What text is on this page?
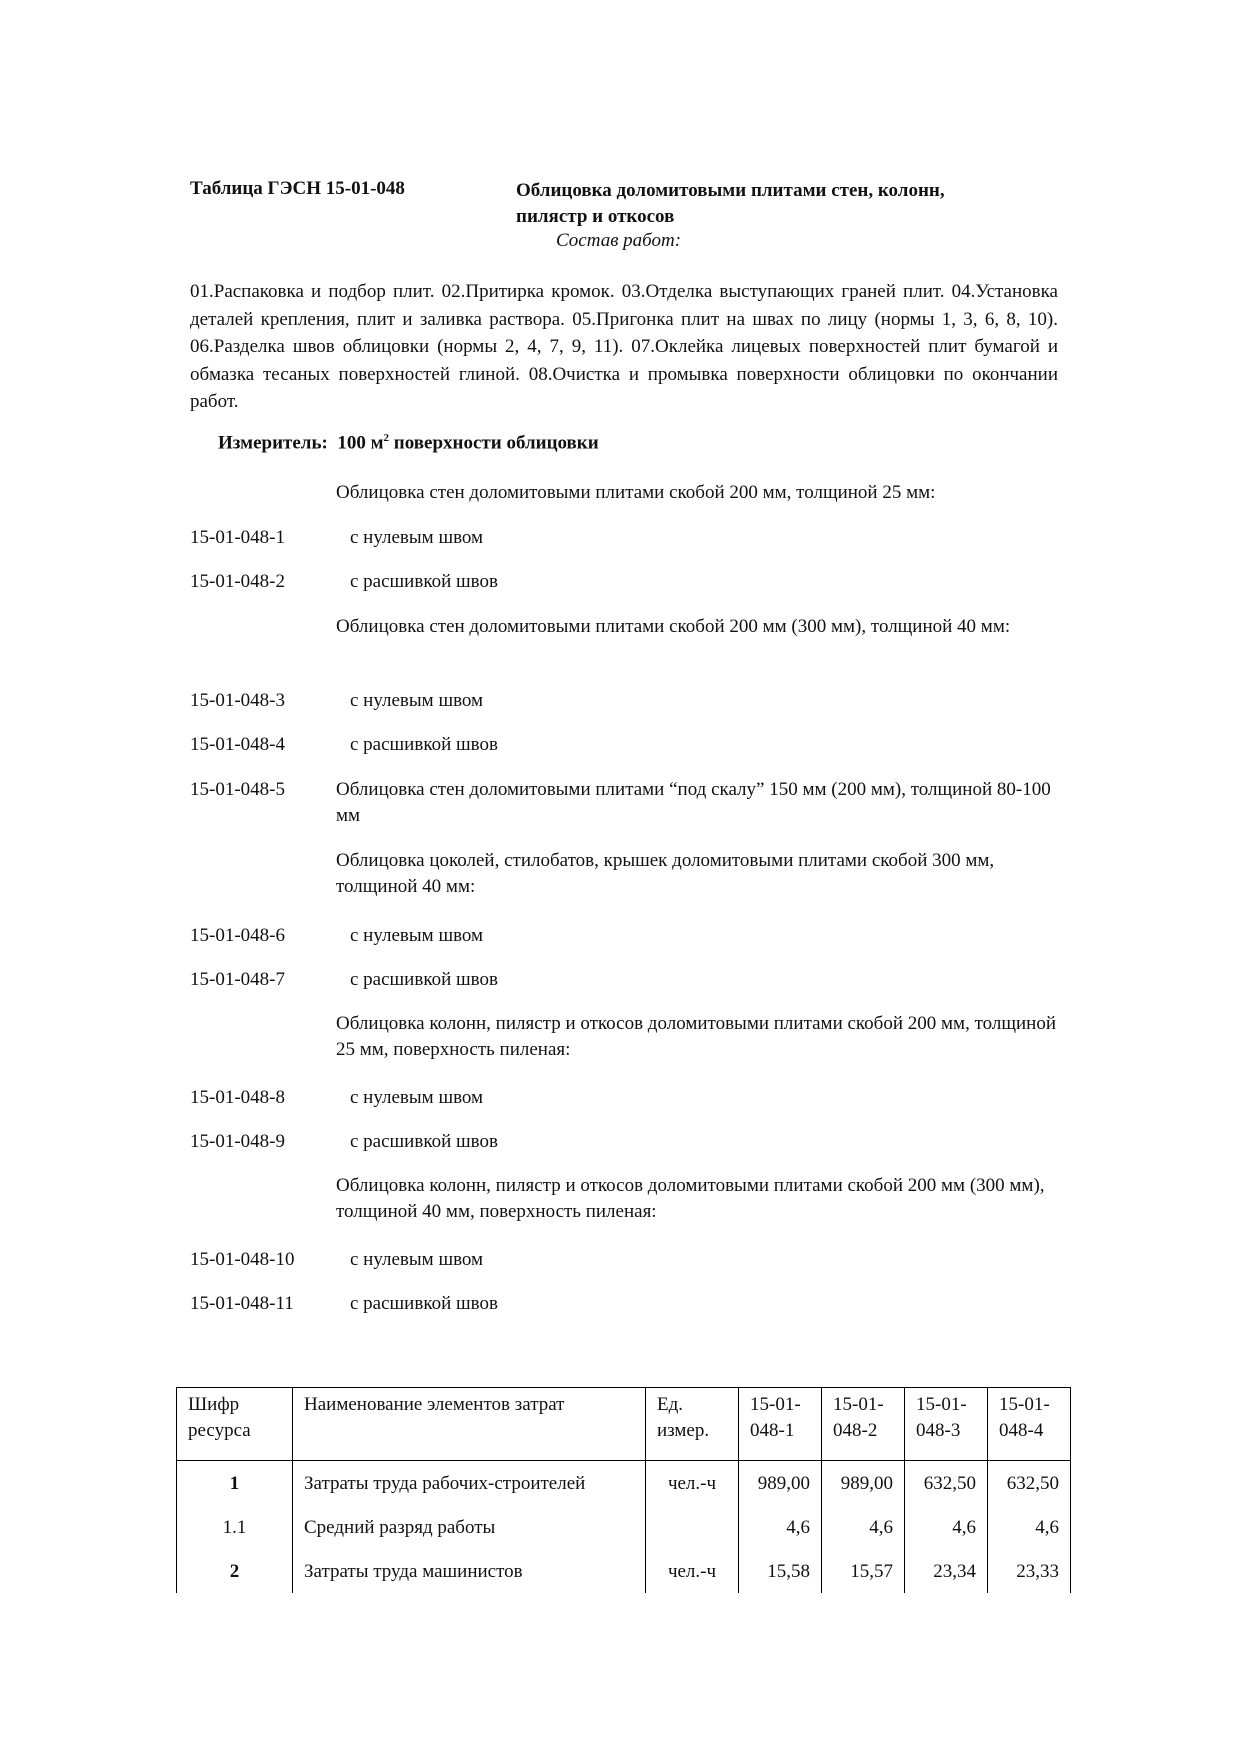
Таблица ГЭСН 15-01-048	Облицовка доломитовыми плитами стен, колонн, пилястр и откосов
Состав работ:
01.Распаковка и подбор плит. 02.Притирка кромок. 03.Отделка выступающих граней плит. 04.Установка деталей крепления, плит и заливка раствора. 05.Пригонка плит на швах по лицу (нормы 1, 3, 6, 8, 10). 06.Разделка швов облицовки (нормы 2, 4, 7, 9, 11). 07.Оклейка лицевых поверхностей плит бумагой и обмазка тесаных поверхностей глиной. 08.Очистка и промывка поверхности облицовки по окончании работ.
Измеритель: 100 $м^2$ поверхности облицовки
Облицовка стен доломитовыми плитами скобой 200 мм, толщиной 25 мм:
15-01-048-1	с нулевым швом
15-01-048-2	с расшивкой швов
Облицовка стен доломитовыми плитами скобой 200 мм (300 мм), толщиной 40 мм:
15-01-048-3	с нулевым швом
15-01-048-4	с расшивкой швов
15-01-048-5	Облицовка стен доломитовыми плитами “под скалу” 150 мм (200 мм), толщиной 80-100 мм
Облицовка цоколей, стилобатов, крышек доломитовыми плитами скобой 300 мм, толщиной 40 мм:
15-01-048-6	с нулевым швом
15-01-048-7	с расшивкой швов
Облицовка колонн, пилястр и откосов доломитовыми плитами скобой 200 мм, толщиной 25 мм, поверхность пиленая:
15-01-048-8	с нулевым швом
15-01-048-9	с расшивкой швов
Облицовка колонн, пилястр и откосов доломитовыми плитами скобой 200 мм (300 мм), толщиной 40 мм, поверхность пиленая:
15-01-048-10	с нулевым швом
15-01-048-11	с расшивкой швов
Шифр ресурса	Наименование элементов затрат	Ед. измер.	15-01-048-1	15-01-048-2	15-01-048-3	15-01-048-4
1	Затраты труда рабочих-строителей	чел.-ч	989,00	989,00	632,50	632,50
1.1	Средний разряд работы		4,6	4,6	4,6	4,6
2	Затраты труда машинистов	чел.-ч	15,58	15,57	23,34	23,33
